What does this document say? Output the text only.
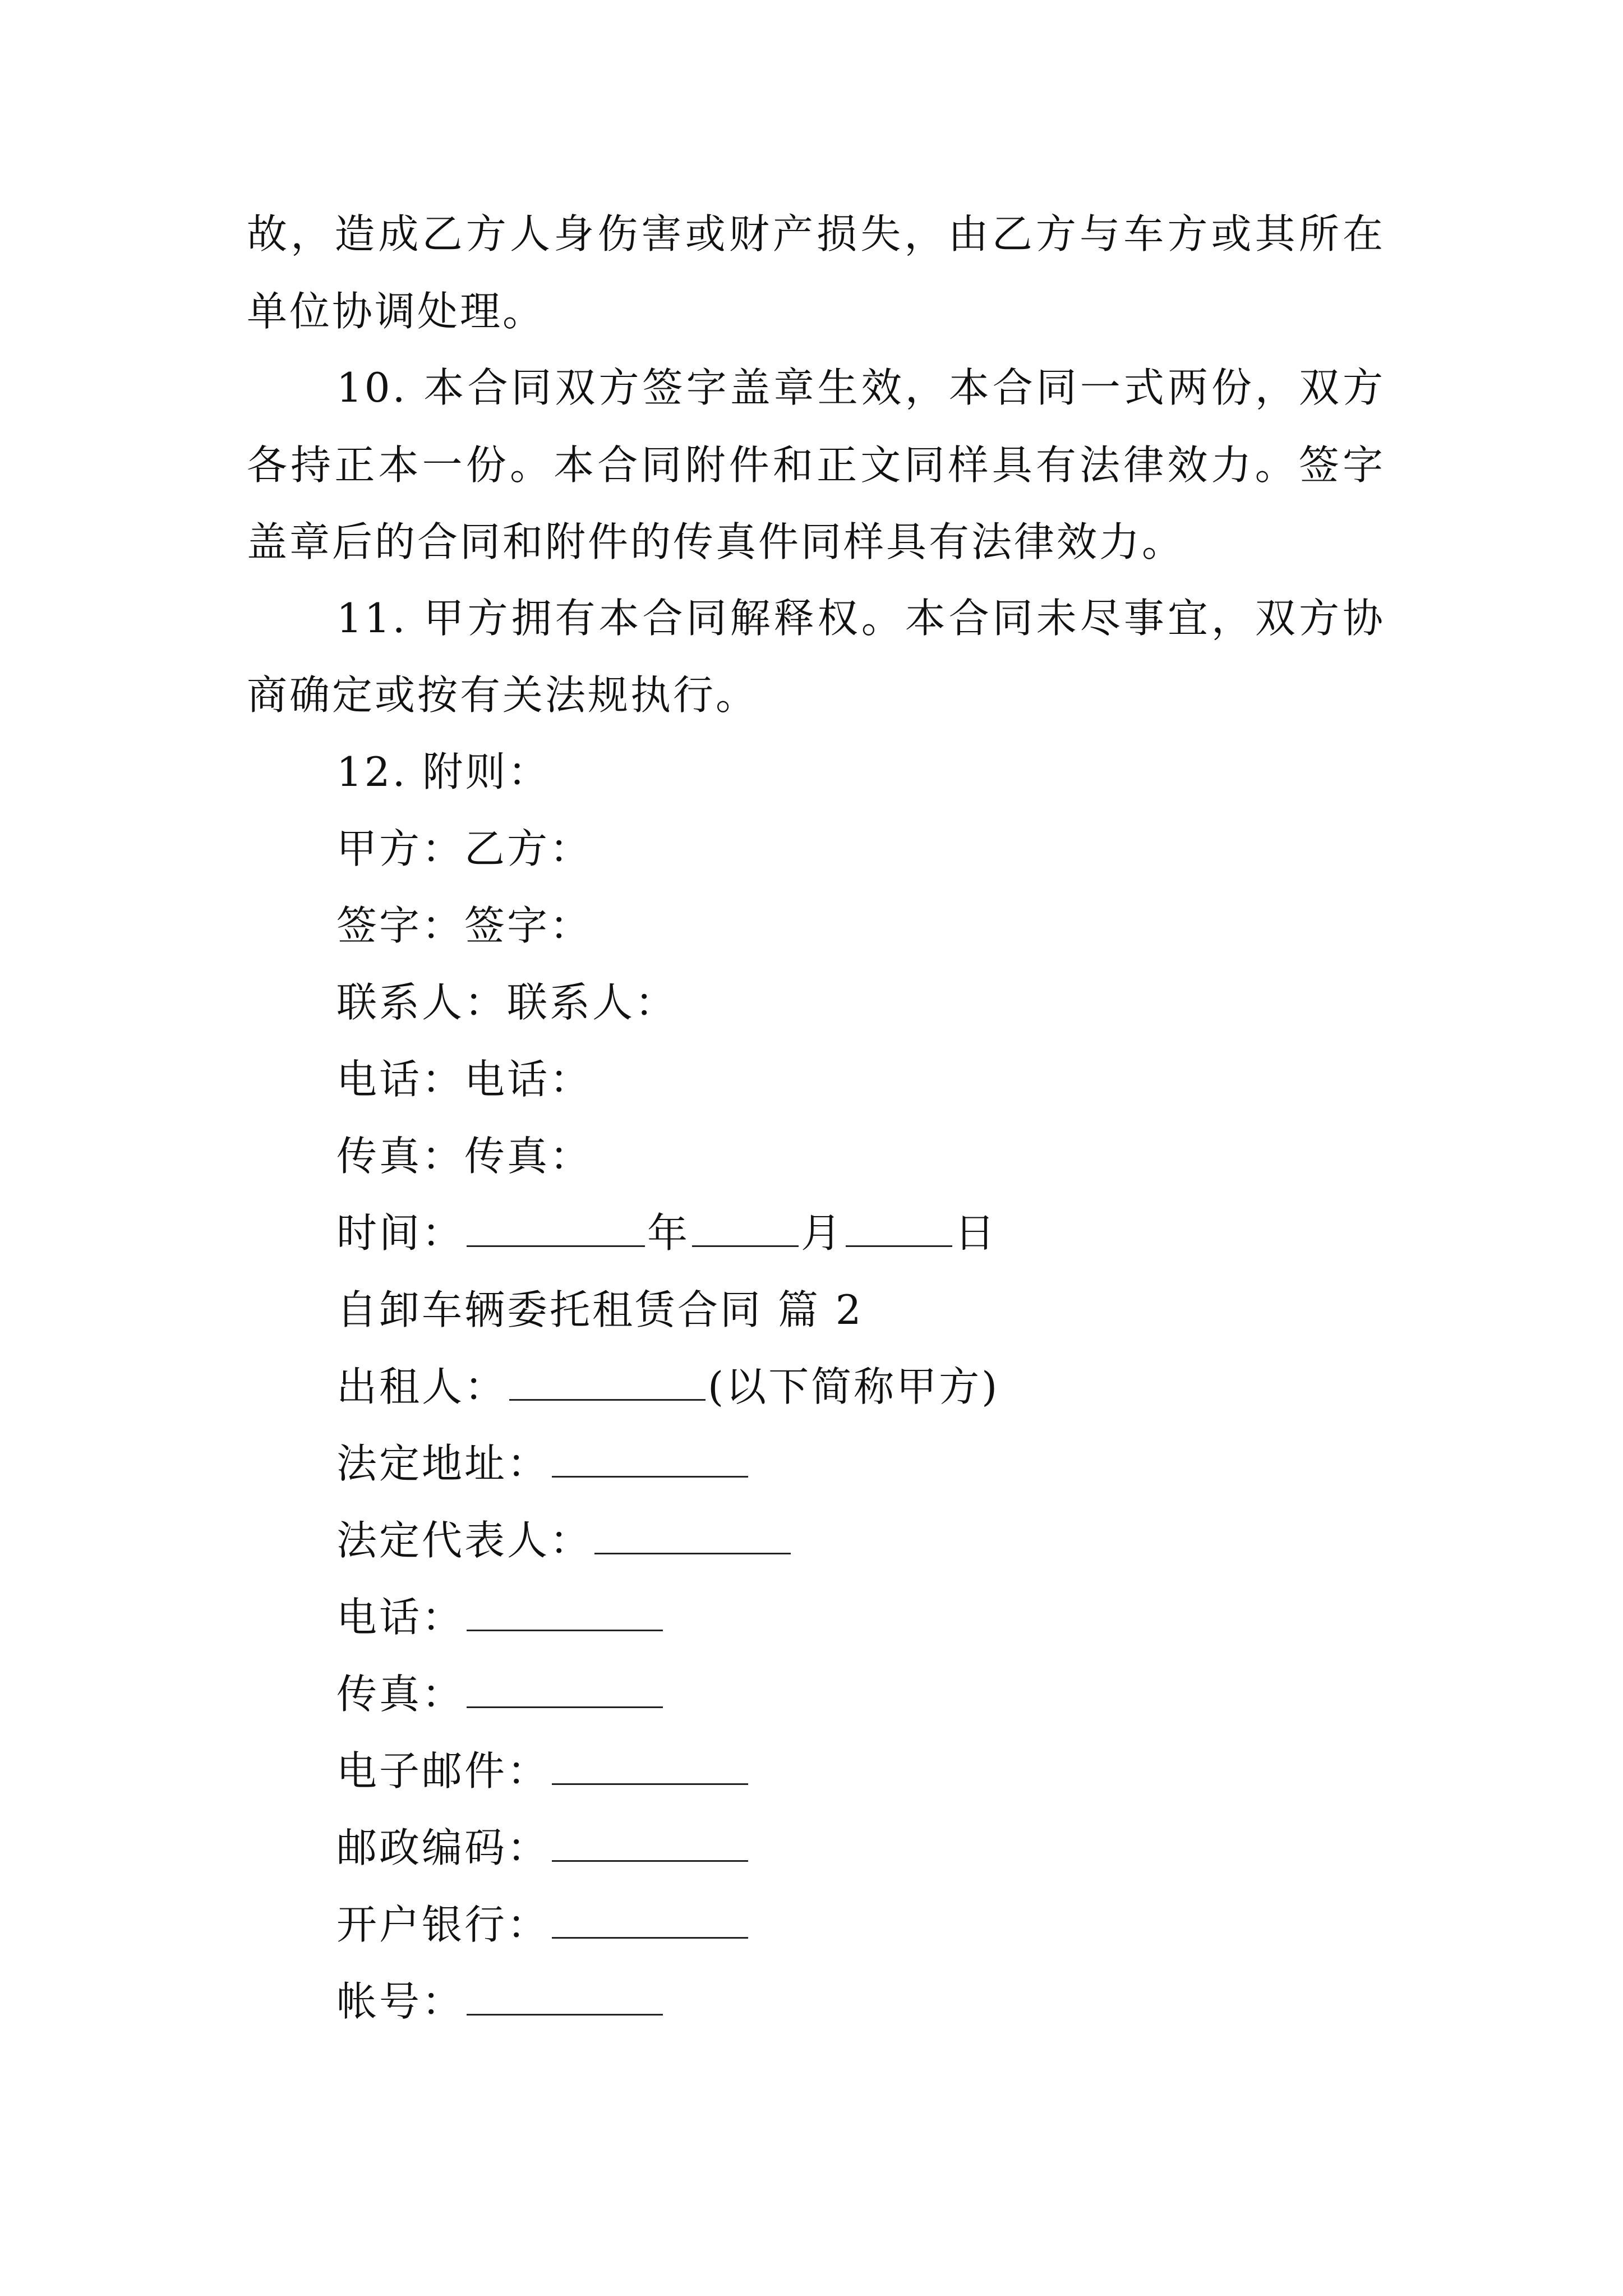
故，造成乙方人身伤害或财产损失，由乙方与车方或其所在
单位协调处理。
10. 本合同双方签字盖章生效，本合同一式两份，双方
各持正本一份。本合同附件和正文同样具有法律效力。签字
盖章后的合同和附件的传真件同样具有法律效力。
11. 甲方拥有本合同解释权。本合同未尽事宜，双方协
商确定或按有关法规执行。
12. 附则：
甲方：乙方：
签字：签字：
联系人：联系人：
电话：电话：
传真：传真：
时间：	年	月	日
自卸车辆委托租赁合同 篇 2
出租人：	(以下简称甲方)
法定地址：
法定代表人：
电话：
传真：
电子邮件：
邮政编码：
开户银行：
帐号：
